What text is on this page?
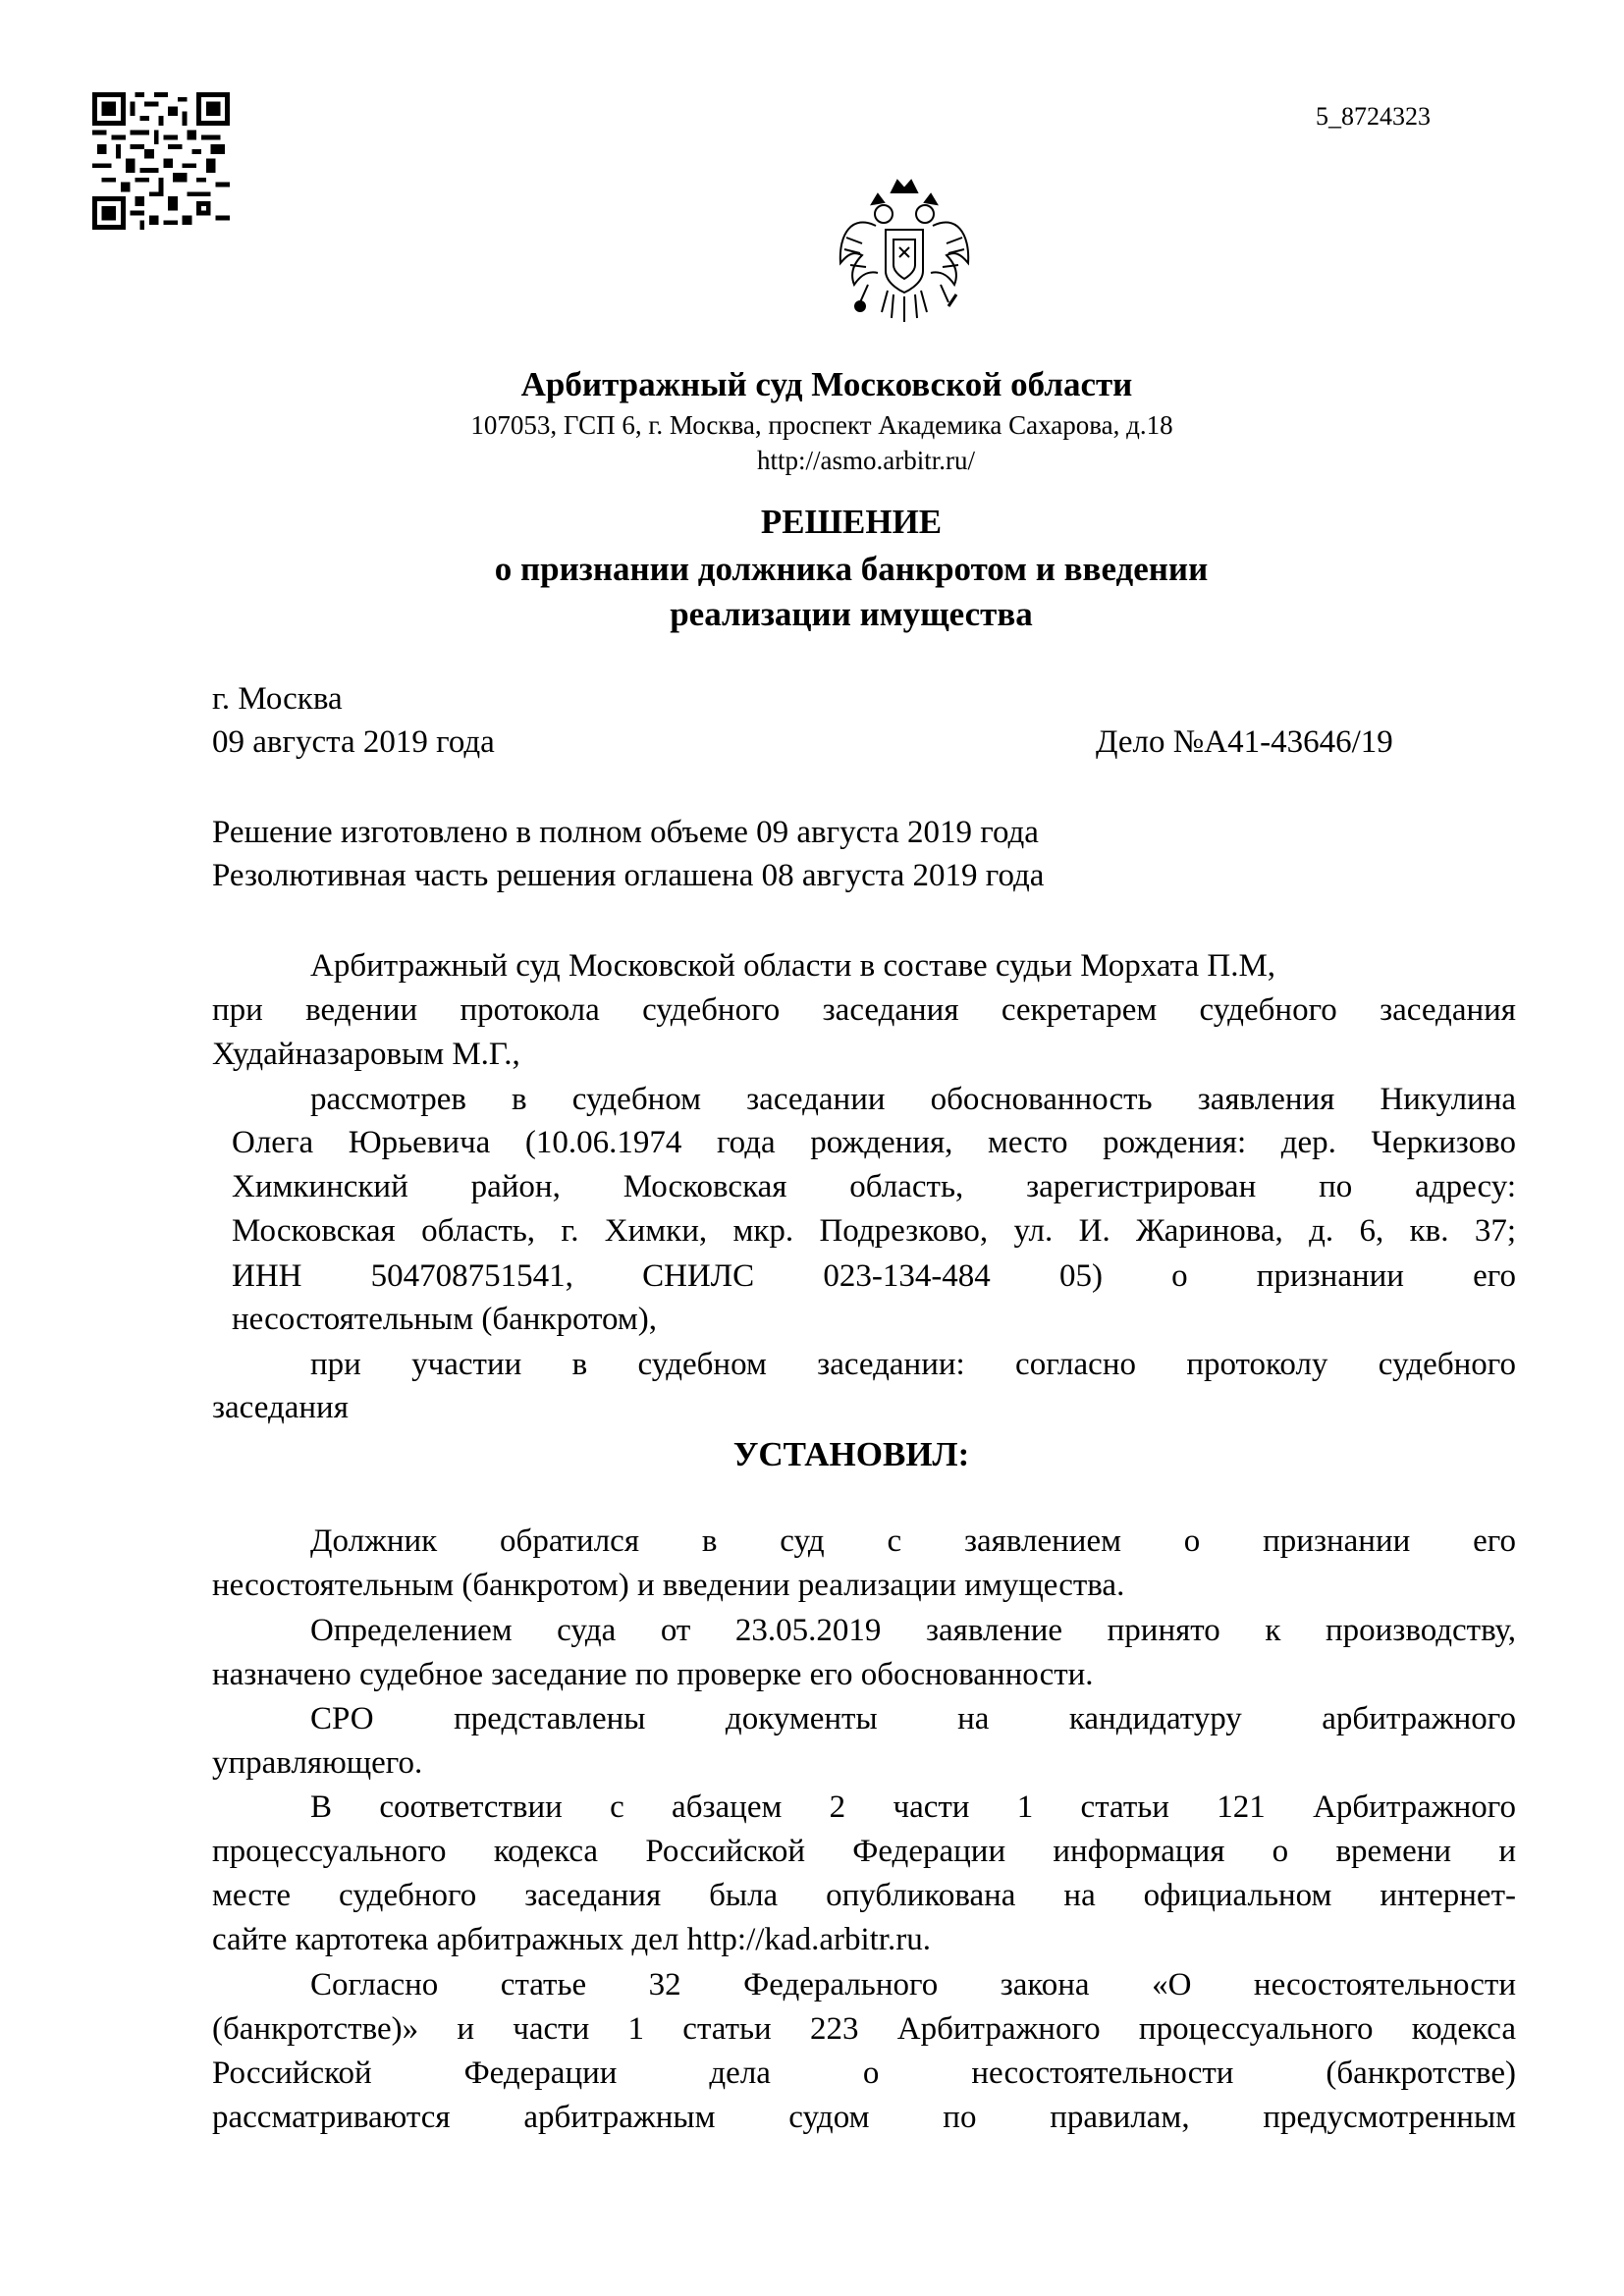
5_8724323
Арбитражный суд Московской области
107053, ГСП 6, г. Москва, проспект Академика Сахарова, д.18
http://asmo.arbitr.ru/
РЕШЕНИЕ
о признании должника банкротом и введении
реализации имущества
г. Москва
09 августа 2019 года	Дело №А41-43646/19
Решение изготовлено в полном объеме 09 августа 2019 года
Резолютивная часть решения оглашена 08 августа 2019 года
Арбитражный суд Московской области в составе судьи Морхата П.М,
при ведении протокола судебного заседания секретарем судебного заседания
Худайназаровым М.Г.,
рассмотрев в судебном заседании обоснованность заявления Никулина
Олега Юрьевича (10.06.1974 года рождения, место рождения: дер. Черкизово
Химкинский район, Московская область, зарегистрирован по адресу:
Московская область, г. Химки, мкр. Подрезково, ул. И. Жаринова, д. 6, кв. 37;
ИНН 504708751541, СНИЛС 023-134-484 05) о признании его
несостоятельным (банкротом),
при участии в судебном заседании: согласно протоколу судебного
заседания
УСТАНОВИЛ:
Должник обратился в суд с заявлением о признании его
несостоятельным (банкротом) и введении реализации имущества.
Определением суда от 23.05.2019 заявление принято к производству,
назначено судебное заседание по проверке его обоснованности.
СРО представлены документы на кандидатуру арбитражного
управляющего.
В соответствии с абзацем 2 части 1 статьи 121 Арбитражного
процессуального кодекса Российской Федерации информация о времени и
месте судебного заседания была опубликована на официальном интернет-
сайте картотека арбитражных дел http://kad.arbitr.ru.
Согласно статье 32 Федерального закона «О несостоятельности
(банкротстве)» и части 1 статьи 223 Арбитражного процессуального кодекса
Российской Федерации дела о несостоятельности (банкротстве)
рассматриваются арбитражным судом по правилам, предусмотренным
